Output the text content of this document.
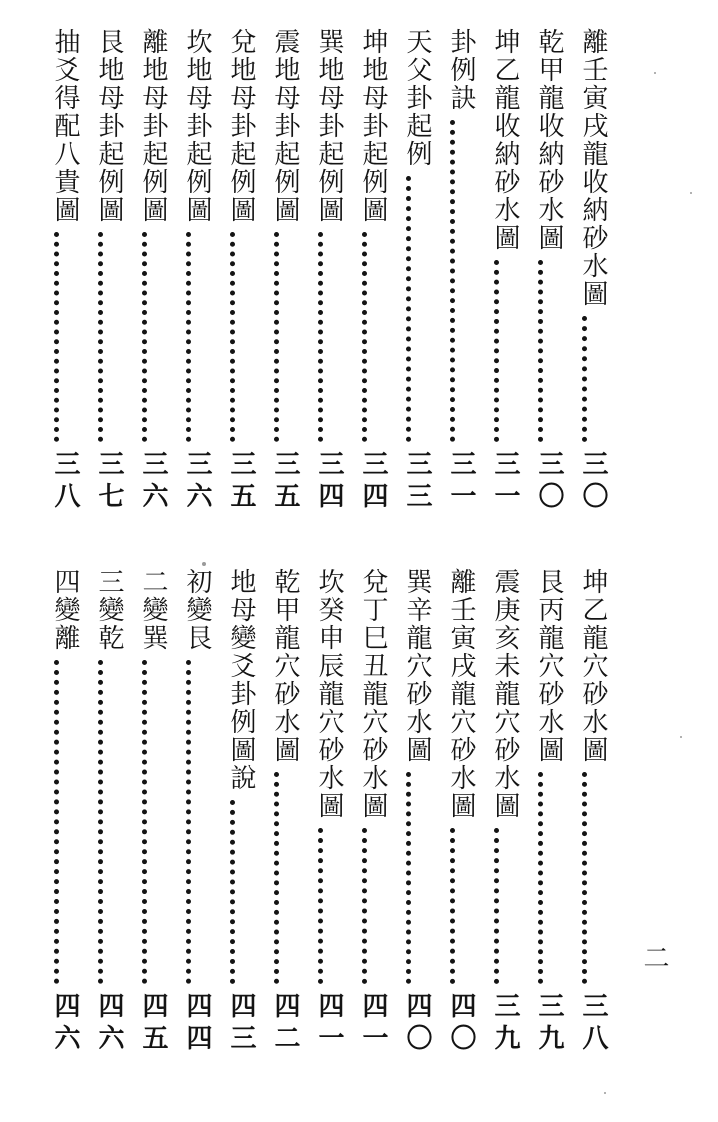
離壬寅戌龍收納砂水圖
三〇
乾甲龍收納砂水圖
三〇
坤乙龍收納砂水圖
三一
卦例訣
三一
天父卦起例
三三
坤地母卦起例圖
三四
巽地母卦起例圖
三四
震地母卦起例圖
三五
兌地母卦起例圖
三五
坎地母卦起例圖
三六
離地母卦起例圖
三六
艮地母卦起例圖
三七
抽爻得配八貴圖
三八
坤乙龍穴砂水圖
三八
艮丙龍穴砂水圖
三九
震庚亥未龍穴砂水圖
三九
離壬寅戌龍穴砂水圖
四〇
巽辛龍穴砂水圖
四〇
兌丁巳丑龍穴砂水圖
四一
坎癸申辰龍穴砂水圖
四一
乾甲龍穴砂水圖
四二
地母變爻卦例圖說
四三
初變艮
四四
二變巽
四五
三變乾
四六
四變離
四六
二
